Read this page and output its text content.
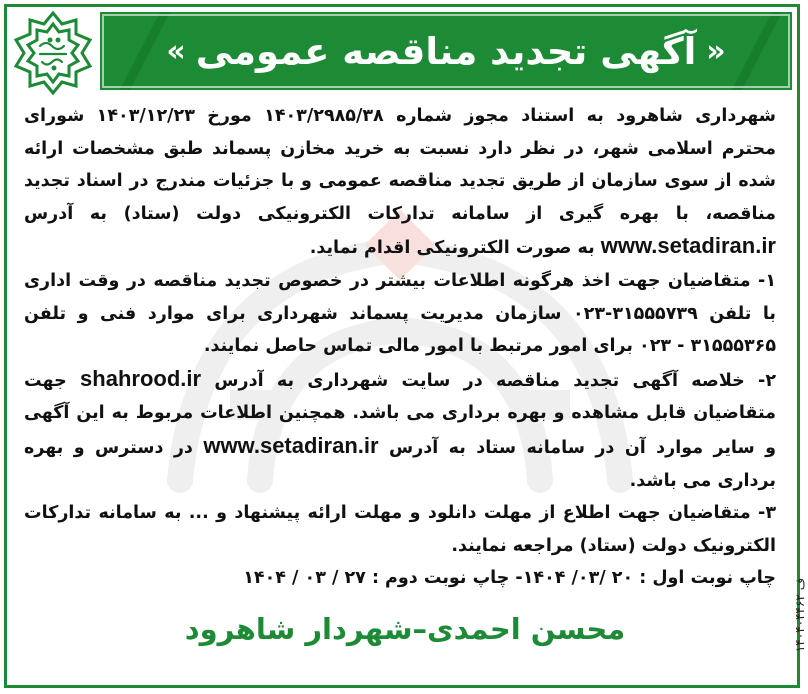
«
آگهی تجدید مناقصه عمومی
»

شهرداری شاهرود به استناد مجوز شماره ۱۴۰۳/۲۹۸۵/۳۸ مورخ ۱۴۰۳/۱۲/۲۳ شورای محترم اسلامی شهر، در نظر دارد نسبت به خرید مخازن پسماند طبق مشخصات ارائه شده از سوی سازمان از طریق تجدید مناقصه عمومی و با جزئیات مندرج در اسناد تجدید مناقصه، با بهره گیری از سامانه تدارکات الکترونیکی دولت (ستاد) به آدرس www.setadiran.ir به صورت الکترونیکی اقدام نماید.

۱- متقاضیان جهت اخذ هرگونه اطلاعات بیشتر در خصوص تجدید مناقصه در وقت اداری با تلفن ۳۱۵۵۵۷۳۹-۰۲۳ سازمان مدیریت پسماند شهرداری برای موارد فنی و تلفن ۳۱۵۵۵۳۶۵ - ۰۲۳ برای امور مرتبط با امور مالی تماس حاصل نمایند.

۲- خلاصه آگهی تجدید مناقصه در سایت شهرداری به آدرس shahrood.ir جهت متقاضیان قابل مشاهده و بهره برداری می باشد. همچنین اطلاعات مربوط به این آگهی و سایر موارد آن در سامانه ستاد به آدرس www.setadiran.ir در دسترس و بهره برداری می باشد.

۳- متقاضیان جهت اطلاع از مهلت دانلود و مهلت ارائه پیشنهاد و ... به سامانه تدارکات الکترونیک دولت (ستاد) مراجعه نمایند.

چاپ نوبت اول : ۲۰ /۰۳/ ۱۴۰۴- چاپ نوبت دوم : ۲۷ / ۰۳ / ۱۴۰۴

محسن احمدی–شهردار شاهرود	ف ۱۴۰۴۰۴۴۶۲
